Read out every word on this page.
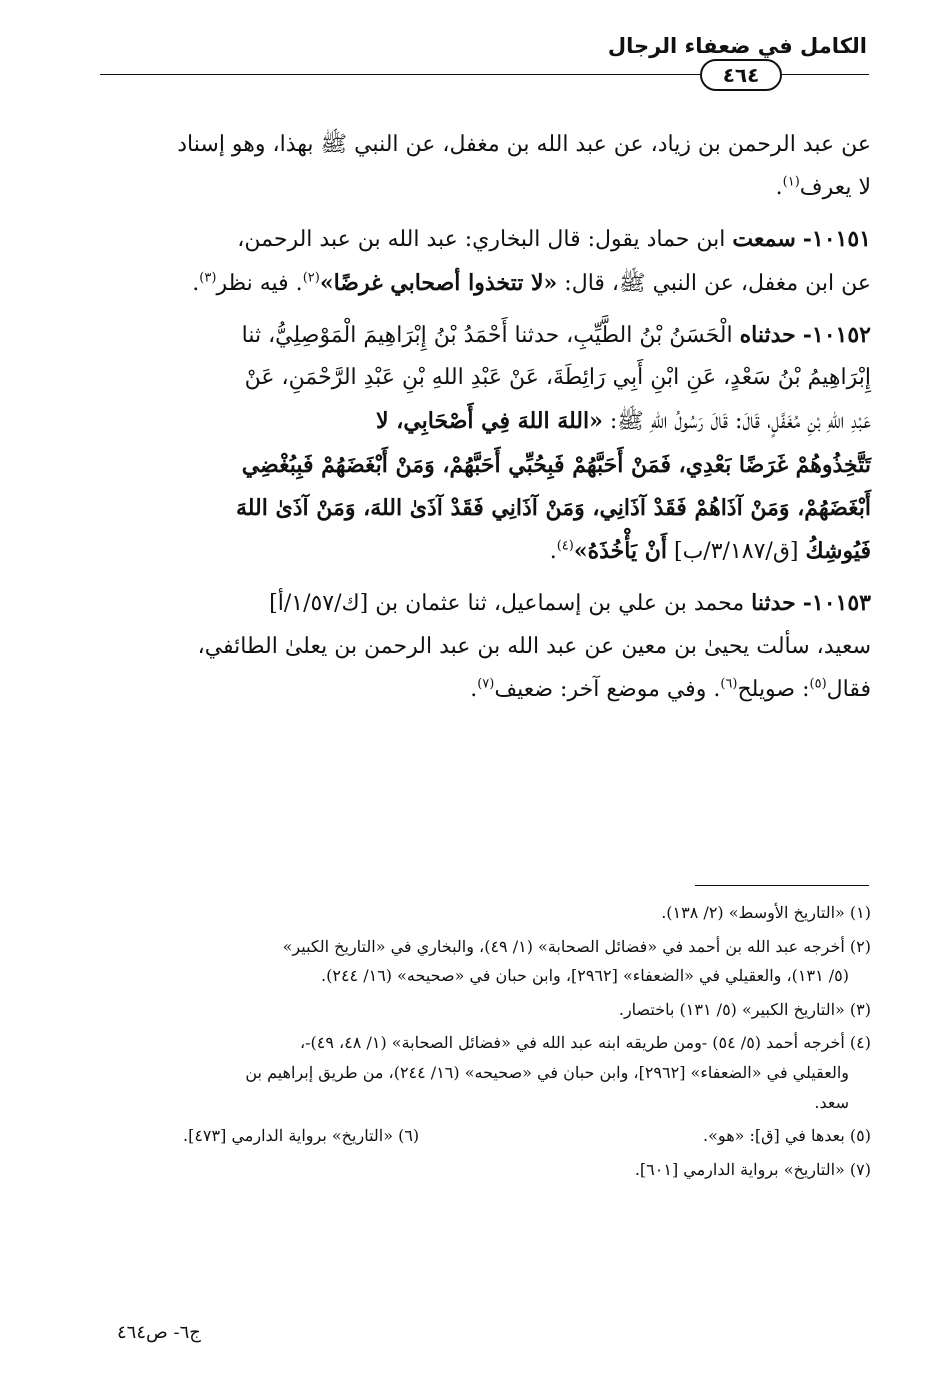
الكامل في ضعفاء الرجال
٤٦٤

عن عبد الرحمن بن زياد، عن عبد الله بن مغفل، عن النبي ﷺ بهذا، وهو إسناد
لا يعرف$^{(١)}$.

١٠١٥١- سمعت ابن حماد يقول: قال البخاري: عبد الله بن عبد الرحمن،
عن ابن مغفل، عن النبي ﷺ، قال: «لا تتخذوا أصحابي غرضًا»$^{(٢)}$. فيه نظر$^{(٣)}$.

١٠١٥٢- حدثناه الْحَسَنُ بْنُ الطَّيِّبِ، حدثنا أَحْمَدُ بْنُ إِبْرَاهِيمَ الْمَوْصِلِيُّ، ثنا
إِبْرَاهِيمُ بْنُ سَعْدٍ، عَنِ ابْنِ أَبِي رَائِطَةَ، عَنْ عَبْدِ اللهِ بْنِ عَبْدِ الرَّحْمَنِ، عَنْ
عَبْدِ اللهِ بْنِ مُغَفَّلٍ، قَالَ: قَالَ رَسُولُ اللهِ ﷺ: «اللهَ اللهَ فِي أَصْحَابِي، لا
تَتَّخِذُوهُمْ غَرَضًا بَعْدِي، فَمَنْ أَحَبَّهُمْ فَبِحُبِّي أَحَبَّهُمْ، وَمَنْ أَبْغَضَهُمْ فَبِبُغْضِي
أَبْغَضَهُمْ، وَمَنْ آذَاهُمْ فَقَدْ آذَانِي، وَمَنْ آذَانِي فَقَدْ آذَىٰ اللهَ، وَمَنْ آذَىٰ اللهَ
فَيُوشِكُ [ق/٣/١٨٧/ب] أَنْ يَأْخُذَهُ»$^{(٤)}$.

١٠١٥٣- حدثنا محمد بن علي بن إسماعيل، ثنا عثمان بن [ك/١/٥٧/أ]
سعيد، سألت يحيىٰ بن معين عن عبد الله بن عبد الرحمن بن يعلىٰ الطائفي،
فقال$^{(٥)}$: صويلح$^{(٦)}$. وفي موضع آخر: ضعيف$^{(٧)}$.

(١) «التاريخ الأوسط» (٢/ ١٣٨).

(٢) أخرجه عبد الله بن أحمد في «فضائل الصحابة» (١/ ٤٩)، والبخاري في «التاريخ الكبير»
(٥/ ١٣١)، والعقيلي في «الضعفاء» [٢٩٦٢]، وابن حبان في «صحيحه» (١٦/ ٢٤٤).

(٣) «التاريخ الكبير» (٥/ ١٣١) باختصار.

(٤) أخرجه أحمد (٥/ ٥٤) -ومن طريقه ابنه عبد الله في «فضائل الصحابة» (١/ ٤٨، ٤٩)-،
والعقيلي في «الضعفاء» [٢٩٦٢]، وابن حبان في «صحيحه» (١٦/ ٢٤٤)، من طريق إبراهيم بن
سعد.

(٥) بعدها في [ق]: «هو».
(٦) «التاريخ» برواية الدارمي [٤٧٣].

(٧) «التاريخ» برواية الدارمي [٦٠١].

ج٦- ص٤٦٤
